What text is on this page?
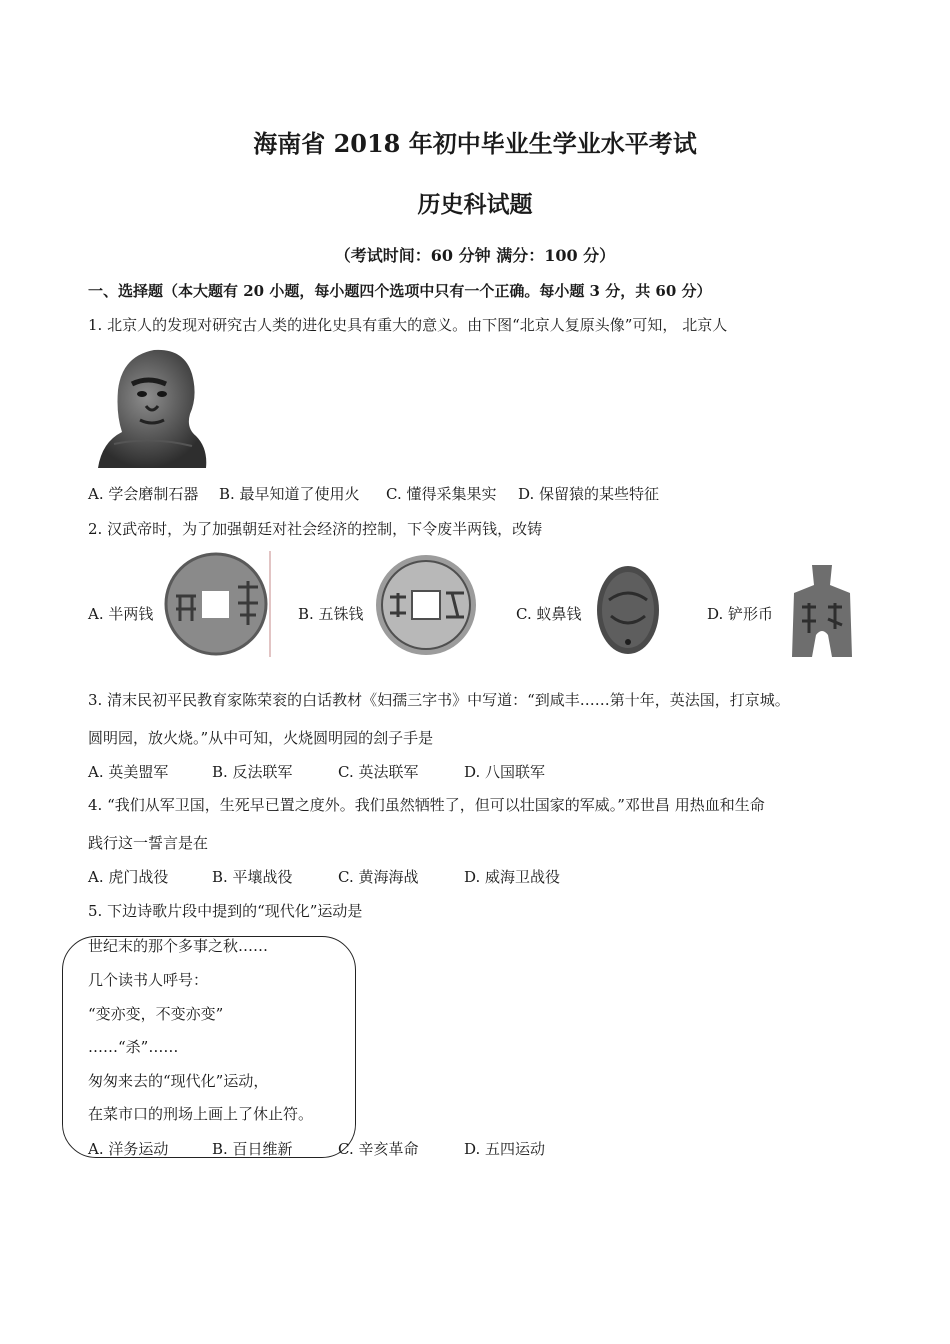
海南省 2018 年初中毕业生学业水平考试
历史科试题
（考试时间：60 分钟 满分：100 分）
一、选择题（本大题有 20 小题，每小题四个选项中只有一个正确。每小题 3 分，共 60 分）
1. 北京人的发现对研究古人类的进化史具有重大的意义。由下图“北京人复原头像”可知， 北京人
A. 学会磨制石器 B. 最早知道了使用火 C. 懂得采集果实 D. 保留猿的某些特征
2. 汉武帝时，为了加强朝廷对社会经济的控制，下令废半两钱，改铸
A. 半两钱	B. 五铢钱	C. 蚁鼻钱	D. 铲形币
3. 清末民初平民教育家陈荣衮的白话教材《妇孺三字书》中写道：“到咸丰……第十年，英法国，打京城。
圆明园，放火烧。”从中可知，火烧圆明园的刽子手是
A. 英美盟军	B. 反法联军	C. 英法联军	D. 八国联军
4. “我们从军卫国，生死早已置之度外。我们虽然牺牲了，但可以壮国家的军威。”邓世昌 用热血和生命
践行这一誓言是在
A. 虎门战役	B. 平壤战役	C. 黄海海战	D. 威海卫战役
5. 下边诗歌片段中提到的“现代化”运动是
世纪末的那个多事之秋……
几个读书人呼号：
“变亦变，不变亦变”
……“杀”……
匆匆来去的“现代化”运动，
在菜市口的刑场上画上了休止符。
A. 洋务运动	B. 百日维新	C. 辛亥革命	D. 五四运动
